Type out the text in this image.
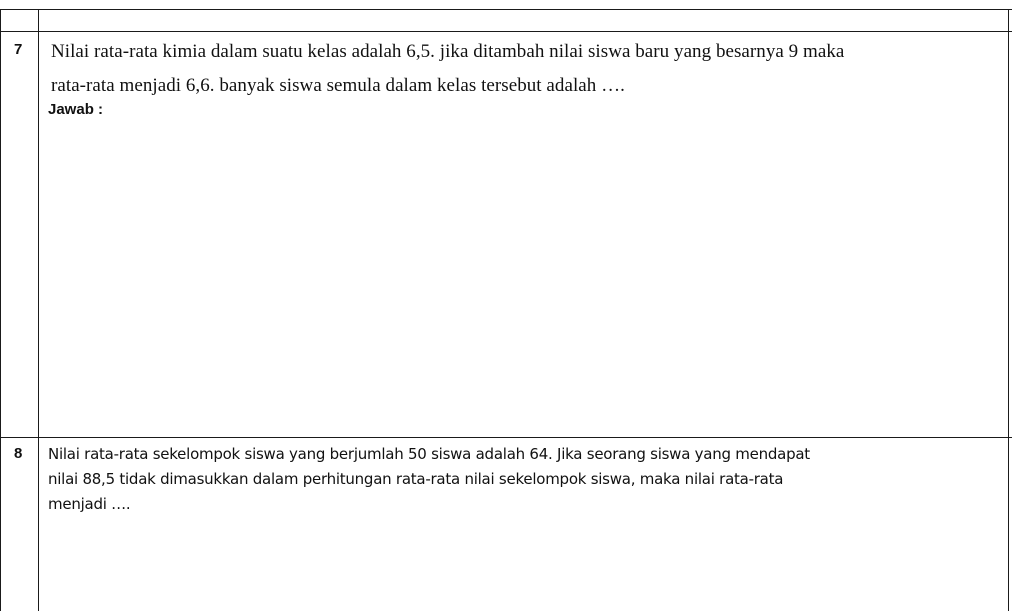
7 Nilai rata-rata kimia dalam suatu kelas adalah 6,5. jika ditambah nilai siswa baru yang besarnya 9 maka
rata-rata menjadi 6,6. banyak siswa semula dalam kelas tersebut adalah ….
Jawab :
8 Nilai rata-rata sekelompok siswa yang berjumlah 50 siswa adalah 64. Jika seorang siswa yang mendapat
nilai 88,5 tidak dimasukkan dalam perhitungan rata-rata nilai sekelompok siswa, maka nilai rata-rata
menjadi ….
